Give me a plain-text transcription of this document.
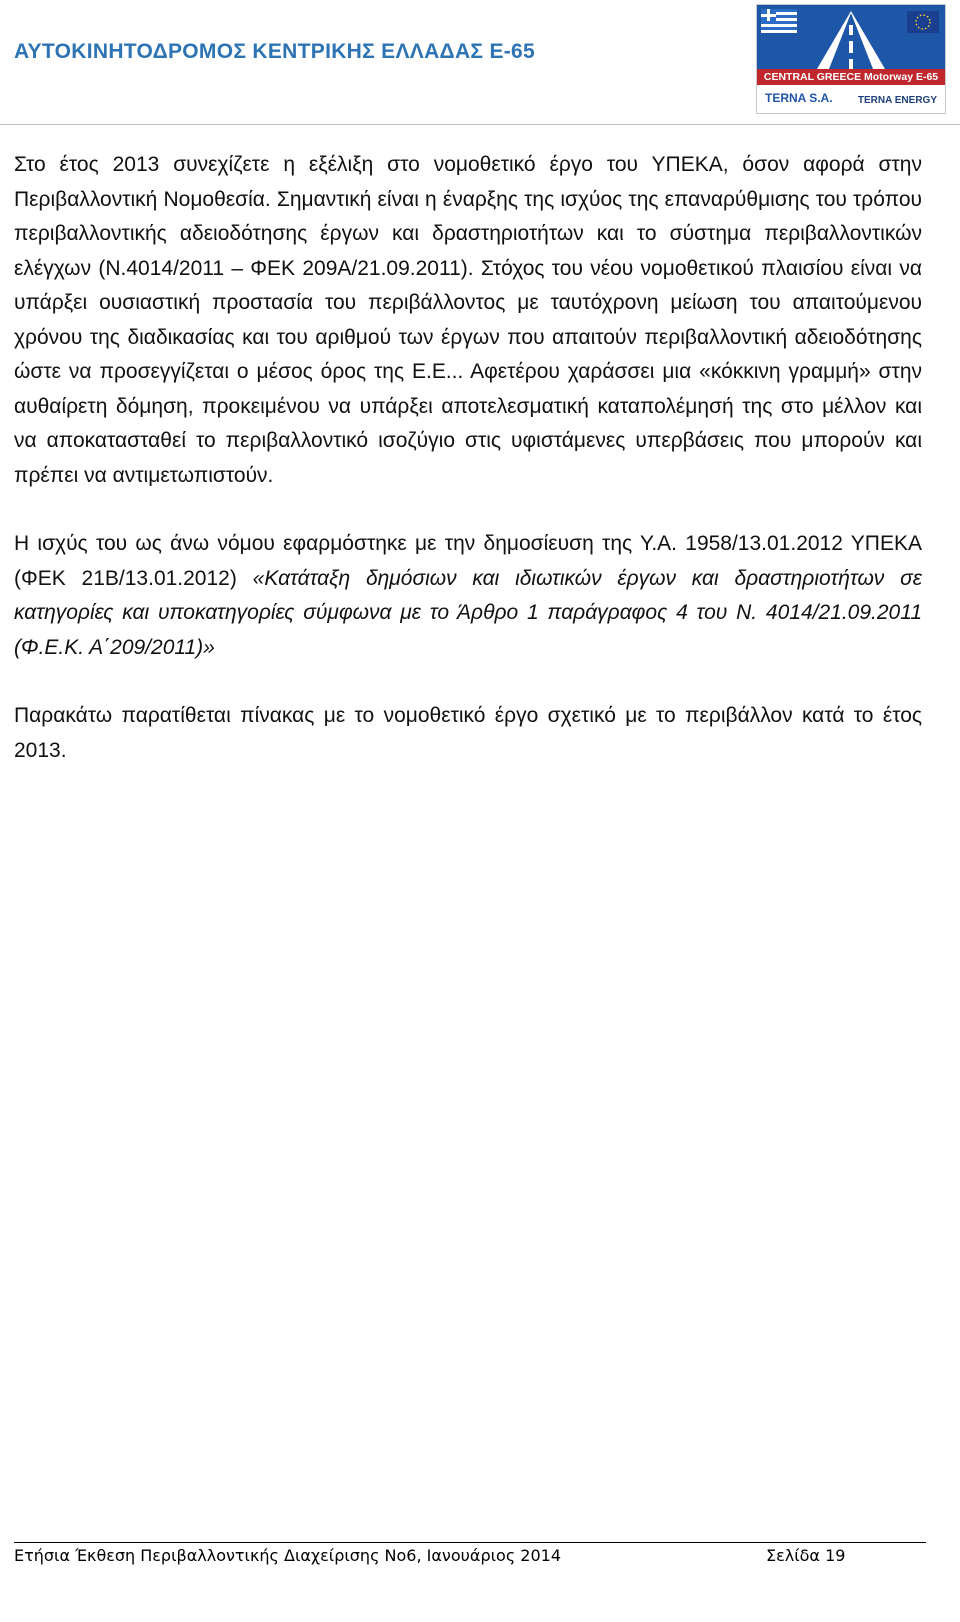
ΑΥΤΟΚΙΝΗΤΟΔΡΟΜΟΣ ΚΕΝΤΡΙΚΗΣ ΕΛΛΑΔΑΣ Ε-65
CENTRAL GREECE Motorway E-65
TERNA S.A.	TERNA ENERGY

Στο έτος 2013 συνεχίζετε η εξέλιξη στο νομοθετικό έργο του ΥΠΕΚΑ, όσον αφορά στην Περιβαλλοντική Νομοθεσία. Σημαντική είναι η έναρξης της ισχύος της επαναρύθμισης του τρόπου περιβαλλοντικής αδειοδότησης έργων και δραστηριοτήτων και το σύστημα περιβαλλοντικών ελέγχων (Ν.4014/2011 – ΦΕΚ 209Α/21.09.2011). Στόχος του νέου νομοθετικού πλαισίου είναι να υπάρξει ουσιαστική προστασία του περιβάλλοντος με ταυτόχρονη μείωση του απαιτούμενου χρόνου της διαδικασίας και του αριθμού των έργων που απαιτούν περιβαλλοντική αδειοδότησης ώστε να προσεγγίζεται ο μέσος όρος της Ε.Ε... Αφετέρου χαράσσει μια «κόκκινη γραμμή» στην αυθαίρετη δόμηση, προκειμένου να υπάρξει αποτελεσματική καταπολέμησή της στο μέλλον και να αποκατασταθεί το περιβαλλοντικό ισοζύγιο στις υφιστάμενες υπερβάσεις που μπορούν και πρέπει να αντιμετωπιστούν.

Η ισχύς του ως άνω νόμου εφαρμόστηκε με την δημοσίευση της Υ.Α. 1958/13.01.2012 ΥΠΕΚΑ (ΦΕΚ 21Β/13.01.2012) «Κατάταξη δημόσιων και ιδιωτικών έργων και δραστηριοτήτων σε κατηγορίες και υποκατηγορίες σύμφωνα με το Άρθρο 1 παράγραφος 4 του Ν. 4014/21.09.2011 (Φ.Ε.Κ. Α΄209/2011)»

Παρακάτω παρατίθεται πίνακας με το νομοθετικό έργο σχετικό με το περιβάλλον κατά το έτος 2013.

Ετήσια Έκθεση Περιβαλλοντικής Διαχείρισης Νο6, Ιανουάριος 2014	Σελίδα 19
